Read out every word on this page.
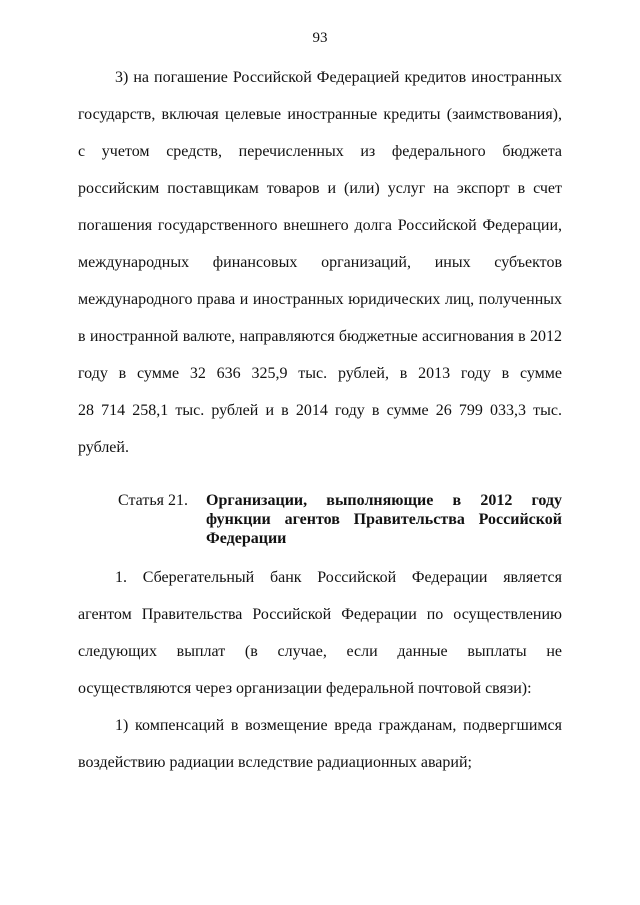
93
3) на погашение Российской Федерацией кредитов иностранных
государств, включая целевые иностранные кредиты (заимствования),
с учетом средств, перечисленных из федерального бюджета
российским поставщикам товаров и (или) услуг на экспорт в счет
погашения государственного внешнего долга Российской Федерации,
международных финансовых организаций, иных субъектов
международного права и иностранных юридических лиц, полученных
в иностранной валюте, направляются бюджетные ассигнования в 2012
году в сумме 32 636 325,9 тыс. рублей, в 2013 году в сумме
28 714 258,1 тыс. рублей и в 2014 году в сумме 26 799 033,3 тыс.
рублей.
Статья 21.	Организации, выполняющие в 2012 году
функции агентов Правительства Российской
Федерации
1. Сберегательный банк Российской Федерации является
агентом Правительства Российской Федерации по осуществлению
следующих выплат (в случае, если данные выплаты не
осуществляются через организации федеральной почтовой связи):
1) компенсаций в возмещение вреда гражданам, подвергшимся
воздействию радиации вследствие радиационных аварий;
